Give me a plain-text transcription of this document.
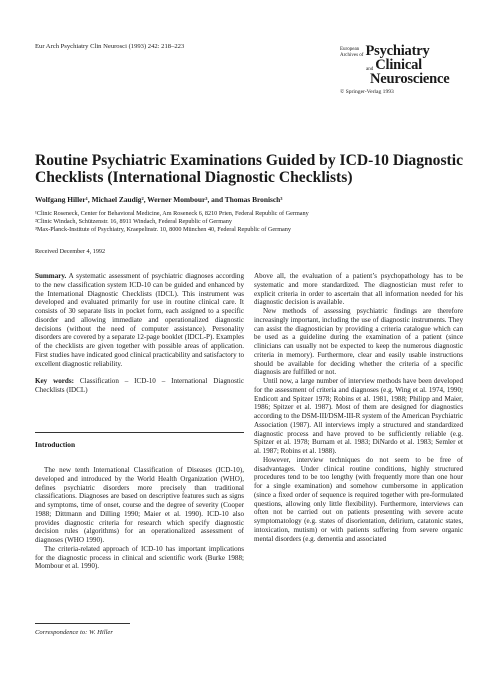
Eur Arch Psychiatry Clin Neurosci (1993) 242: 218–223	European
Archives of Psychiatry
and Clinical
Neuroscience
© Springer-Verlag 1993
Routine Psychiatric Examinations Guided by ICD-10 Diagnostic Checklists (International Diagnostic Checklists)
Wolfgang Hiller¹, Michael Zaudig², Werner Mombour³, and Thomas Bronisch³
¹Clinic Roseneck, Center for Behavioral Medicine, Am Roseneck 6, 8210 Prien, Federal Republic of Germany
²Clinic Windach, Schützenstr. 16, 8911 Windach, Federal Republic of Germany
³Max-Planck-Institute of Psychiatry, Kraepelinstr. 10, 8000 München 40, Federal Republic of Germany
Received December 4, 1992

Summary. A systematic assessment of psychiatric diagnoses according to the new classification system ICD-10 can be guided and enhanced by the International Diagnostic Checklists (IDCL). This instrument was developed and evaluated primarily for use in routine clinical care. It consists of 30 separate lists in pocket form, each assigned to a specific disorder and allowing immediate and operationalized diagnostic decisions (without the need of computer assistance). Personality disorders are covered by a separate 12-page booklet (IDCL-P). Examples of the checklists are given together with possible areas of application. First studies have indicated good clinical practicability and satisfactory to excellent diagnostic reliability.

Key words: Classification – ICD-10 – International Diagnostic Checklists (IDCL)

Introduction

The new tenth International Classification of Diseases (ICD-10), developed and introduced by the World Health Organization (WHO), defines psychiatric disorders more precisely than traditional classifications. Diagnoses are based on descriptive features such as signs and symptoms, time of onset, course and the degree of severity (Cooper 1988; Dittmann and Dilling 1990; Maier et al. 1990). ICD-10 also provides diagnostic criteria for research which specify diagnostic decision rules (algorithms) for an operationalized assessment of diagnoses (WHO 1990).

The criteria-related approach of ICD-10 has important implications for the diagnostic process in clinical and scientific work (Burke 1988; Mombour et al. 1990).

Correspondence to: W. Hiller

Above all, the evaluation of a patient’s psychopathology has to be systematic and more standardized. The diagnostician must refer to explicit criteria in order to ascertain that all information needed for his diagnostic decision is available.

New methods of assessing psychiatric findings are therefore increasingly important, including the use of diagnostic instruments. They can assist the diagnostician by providing a criteria catalogue which can be used as a guideline during the examination of a patient (since clinicians can usually not be expected to keep the numerous diagnostic criteria in memory). Furthermore, clear and easily usable instructions should be available for deciding whether the criteria of a specific diagnosis are fulfilled or not.

Until now, a large number of interview methods have been developed for the assessment of criteria and diagnoses (e.g. Wing et al. 1974, 1990; Endicott and Spitzer 1978; Robins et al. 1981, 1988; Philipp and Maier, 1986; Spitzer et al. 1987). Most of them are designed for diagnostics according to the DSM-III/DSM-III-R system of the American Psychiatric Association (1987). All interviews imply a structured and standardized diagnostic process and have proved to be sufficiently reliable (e.g. Spitzer et al. 1978; Burnam et al. 1983; DiNardo et al. 1983; Semler et al. 1987; Robins et al. 1988).

However, interview techniques do not seem to be free of disadvantages. Under clinical routine conditions, highly structured procedures tend to be too lengthy (with frequently more than one hour for a single examination) and somehow cumbersome in application (since a fixed order of sequence is required together with pre-formulated questions, allowing only little flexibility). Furthermore, interviews can often not be carried out on patients presenting with severe acute symptomatology (e.g. states of disorientation, delirium, catatonic states, intoxication, mutism) or with patients suffering from severe organic mental disorders (e.g. dementia and associated
